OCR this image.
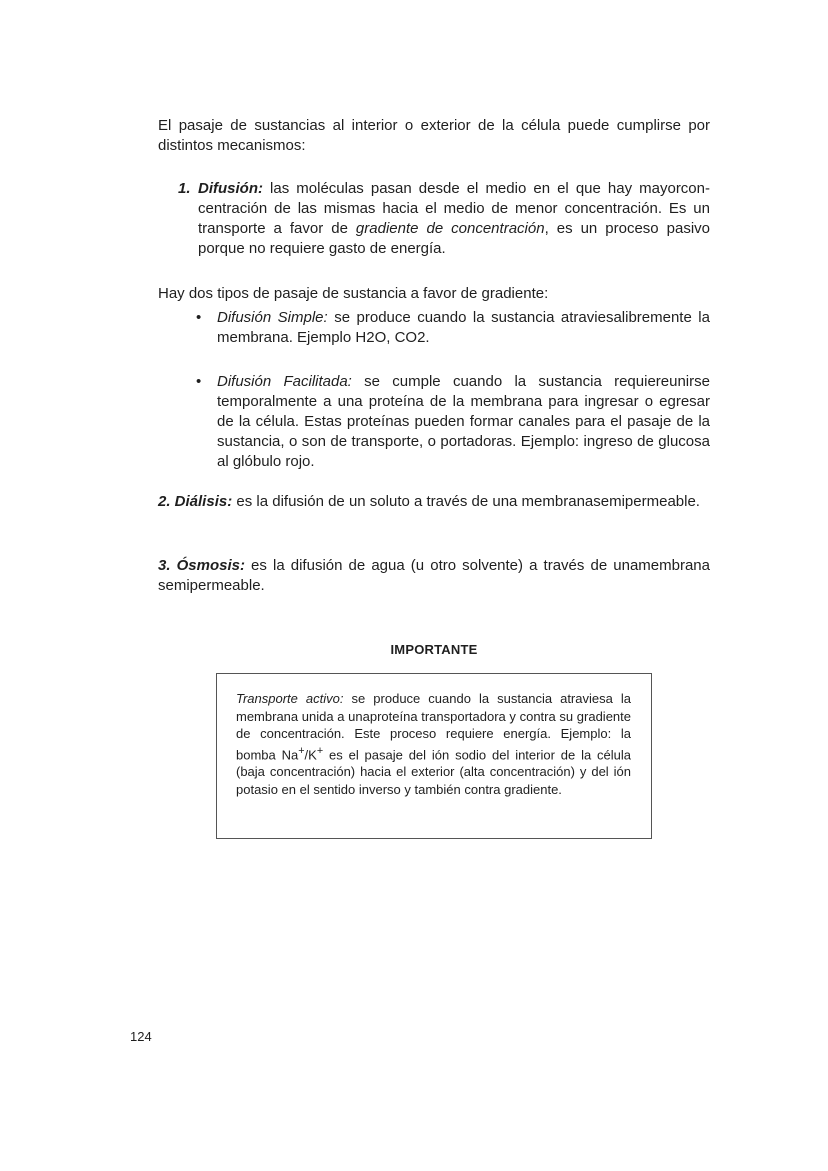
El pasaje de sustancias al interior o exterior de la célula puede cumplirse por distintos mecanismos:

1. Difusión: las moléculas pasan desde el medio en el que hay mayorconcentración de las mismas hacia el medio de menor concentración. Es un transporte a favor de gradiente de concentración, es un proceso pasivo porque no requiere gasto de energía.

Hay dos tipos de pasaje de sustancia a favor de gradiente:

• Difusión Simple: se produce cuando la sustancia atraviesalibremente la membrana. Ejemplo H2O, CO2.
• Difusión Facilitada: se cumple cuando la sustancia requiereunirse temporalmente a una proteína de la membrana para ingresar o egresar de la célula. Estas proteínas pueden formar canales para el pasaje de la sustancia, o son de transporte, o portadoras. Ejemplo: ingreso de glucosa al glóbulo rojo.

2. Diálisis: es la difusión de un soluto a través de una membranasemipermeable.

3. Ósmosis: es la difusión de agua (u otro solvente) a través de unamembrana semipermeable.

IMPORTANTE

Transporte activo: se produce cuando la sustancia atraviesa la membrana unida a unaproteína transportadora y contra su gradiente de concentración. Este proceso requiere energía. Ejemplo: la bomba Na+/K+ es el pasaje del ión sodio del interior de la célula (baja concentración) hacia el exterior (alta concentración) y del ión potasio en el sentido inverso y también contra gradiente.

124
